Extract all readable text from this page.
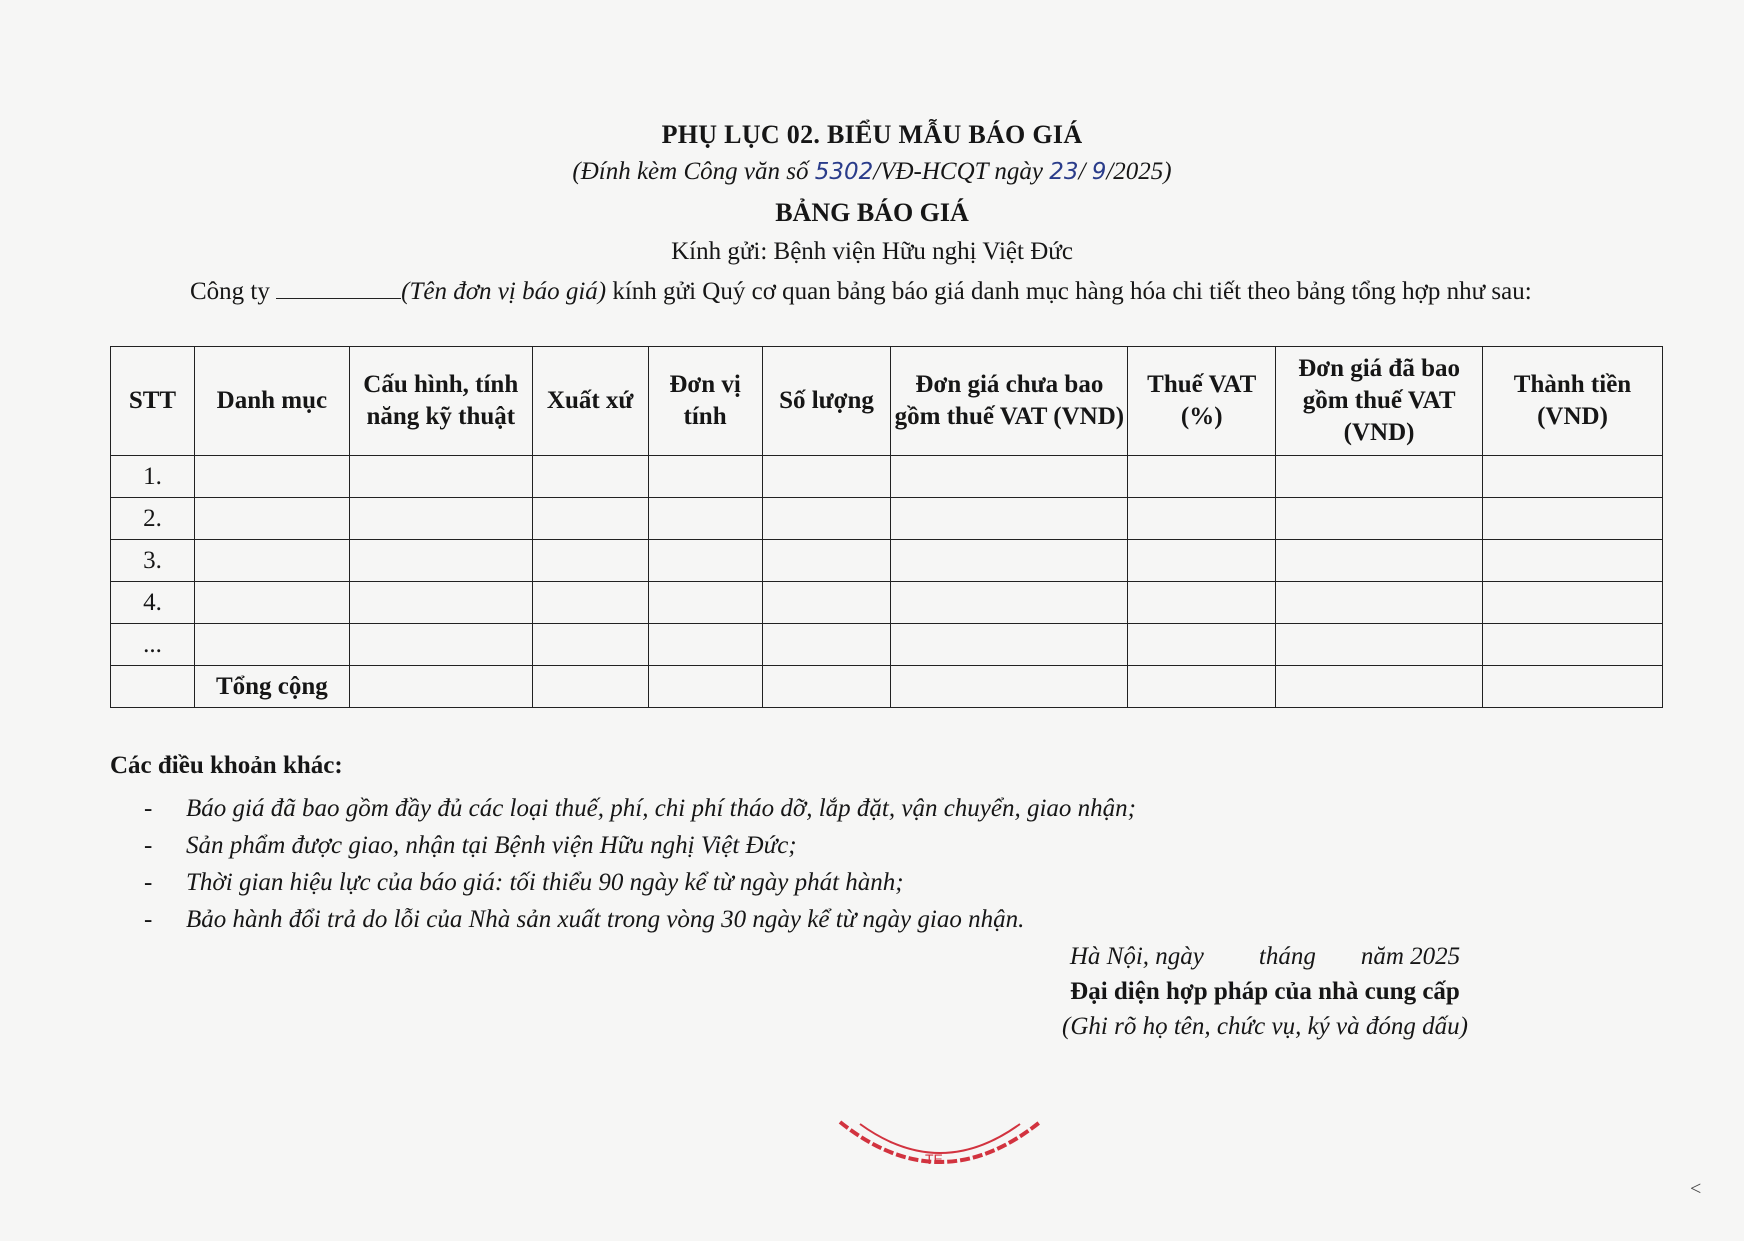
PHỤ LỤC 02. BIỂU MẪU BÁO GIÁ
(Đính kèm Công văn số 5302/VĐ-HCQT ngày 23/ 9/2025)
BẢNG BÁO GIÁ
Kính gửi: Bệnh viện Hữu nghị Việt Đức
Công ty	(Tên đơn vị báo giá) kính gửi Quý cơ quan bảng báo giá danh mục hàng hóa chi tiết theo bảng tổng hợp như sau:
STT	Danh mục	Cấu hình, tính năng kỹ thuật	Xuất xứ	Đơn vị tính	Số lượng	Đơn giá chưa bao gồm thuế VAT (VND)	Thuế VAT (%)	Đơn giá đã bao gồm thuế VAT (VND)	Thành tiền (VND)
1.									
2.									
3.									
4.									
...									
	Tổng cộng								
Các điều khoản khác:
- Báo giá đã bao gồm đầy đủ các loại thuế, phí, chi phí tháo dỡ, lắp đặt, vận chuyển, giao nhận;
- Sản phẩm được giao, nhận tại Bệnh viện Hữu nghị Việt Đức;
- Thời gian hiệu lực của báo giá: tối thiểu 90 ngày kể từ ngày phát hành;
- Bảo hành đổi trả do lỗi của Nhà sản xuất trong vòng 30 ngày kể từ ngày giao nhận.
Hà Nội, ngày tháng năm 2025
Đại diện hợp pháp của nhà cung cấp
(Ghi rõ họ tên, chức vụ, ký và đóng dấu)
TE
<
